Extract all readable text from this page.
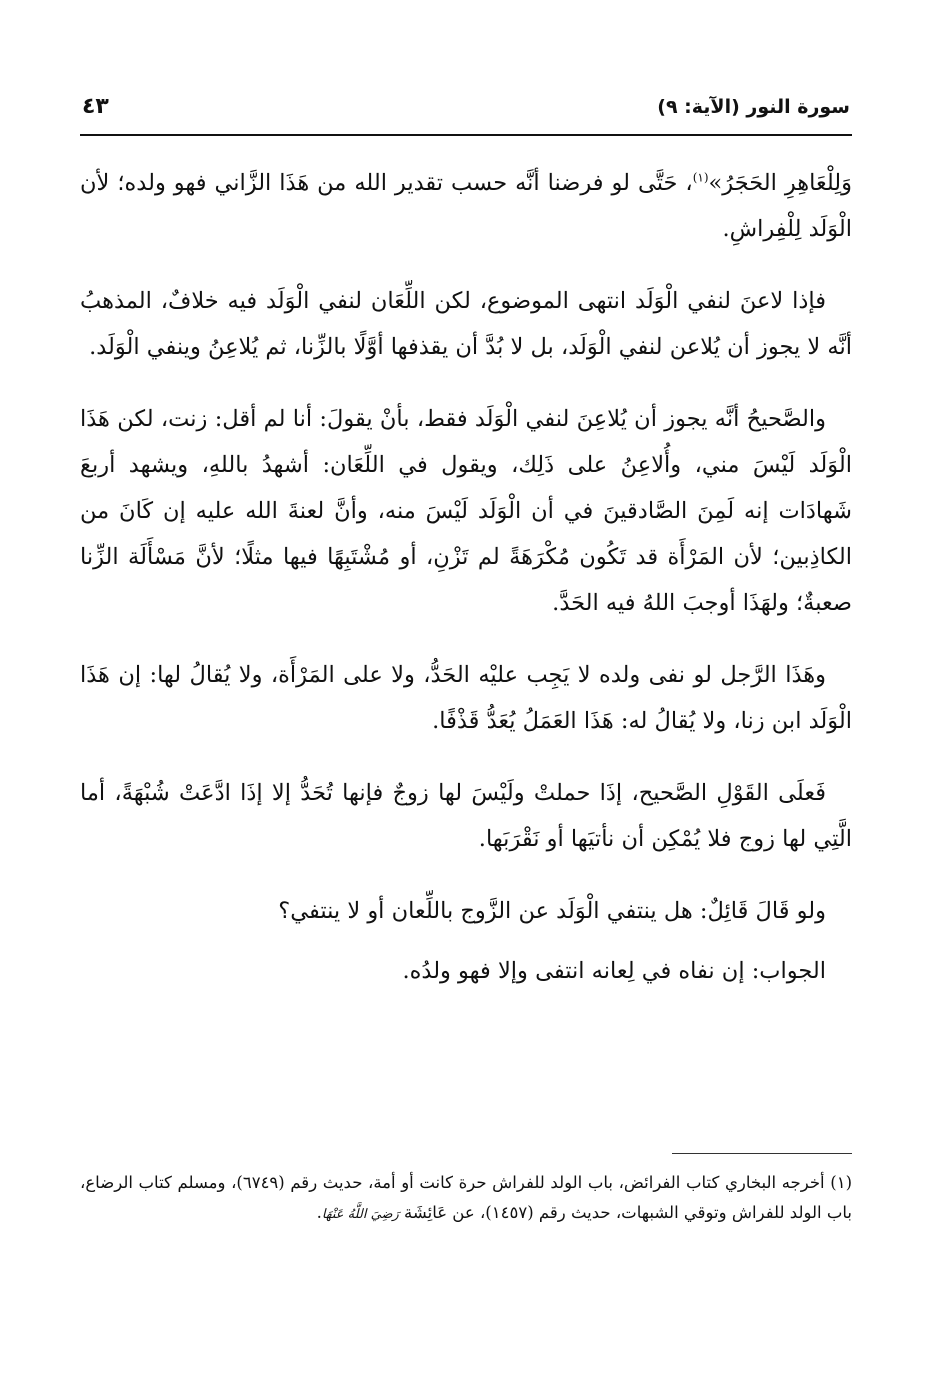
سورة النور (الآية: ٩)
٤٣

وَلِلْعَاهِرِ الحَجَرُ»$^{(١)}$، حَتَّى لو فرضنا أنَّه حسب تقدير الله من هَذَا الزَّاني فهو ولده؛ لأن الْوَلَد لِلْفِراشِ.

فإذا لاعنَ لنفي الْوَلَد انتهى الموضوع، لكن اللِّعَان لنفي الْوَلَد فيه خلافٌ، المذهبُ أنَّه لا يجوز أن يُلاعن لنفي الْوَلَد، بل لا بُدَّ أن يقذفها أوَّلًا بالزِّنا، ثم يُلاعِنُ وينفي الْوَلَد.

والصَّحيحُ أنَّه يجوز أن يُلاعِنَ لنفي الْوَلَد فقط، بأنْ يقولَ: أنا لم أقل: زنت، لكن هَذَا الْوَلَد لَيْسَ مني، وأُلاعِنُ على ذَلِك، ويقول في اللِّعَان: أشهدُ باللهِ، ويشهد أربعَ شَهادَات إنه لَمِنَ الصَّادقينَ في أن الْوَلَد لَيْسَ منه، وأنَّ لعنةَ الله عليه إن كَانَ من الكاذِبين؛ لأن المَرْأَة قد تَكُون مُكْرَهَةً لم تَزْنِ، أو مُشْتَبِهًا فيها مثلًا؛ لأنَّ مَسْأَلَة الزِّنا صعبةٌ؛ ولهَذَا أوجبَ اللهُ فيه الحَدَّ.

وهَذَا الرَّجل لو نفى ولده لا يَجِب عليْه الحَدُّ، ولا على المَرْأَة، ولا يُقالُ لها: إن هَذَا الْوَلَد ابن زنا، ولا يُقالُ له: هَذَا العَمَلُ يُعَدُّ قَذْفًا.

فَعلَى القَوْلِ الصَّحيح، إذَا حملتْ ولَيْسَ لها زوجٌ فإنها تُحَدُّ إلا إذَا ادَّعَتْ شُبْهَةً، أما الَّتِي لها زوج فلا يُمْكِن أن نأتيَها أو نَقْرَبَها.

ولو قَالَ قَائِلٌ: هل ينتفي الْوَلَد عن الزَّوج باللِّعان أو لا ينتفي؟

الجواب: إن نفاه في لِعانه انتفى وإلا فهو ولدُه.

(١) أخرجه البخاري كتاب الفرائض، باب الولد للفراش حرة كانت أو أمة، حديث رقم (٦٧٤٩)، ومسلم كتاب الرضاع، باب الولد للفراش وتوقي الشبهات، حديث رقم (١٤٥٧)، عن عَائِشَة رَضِيَ اللَّهُ عَنْهَا.
